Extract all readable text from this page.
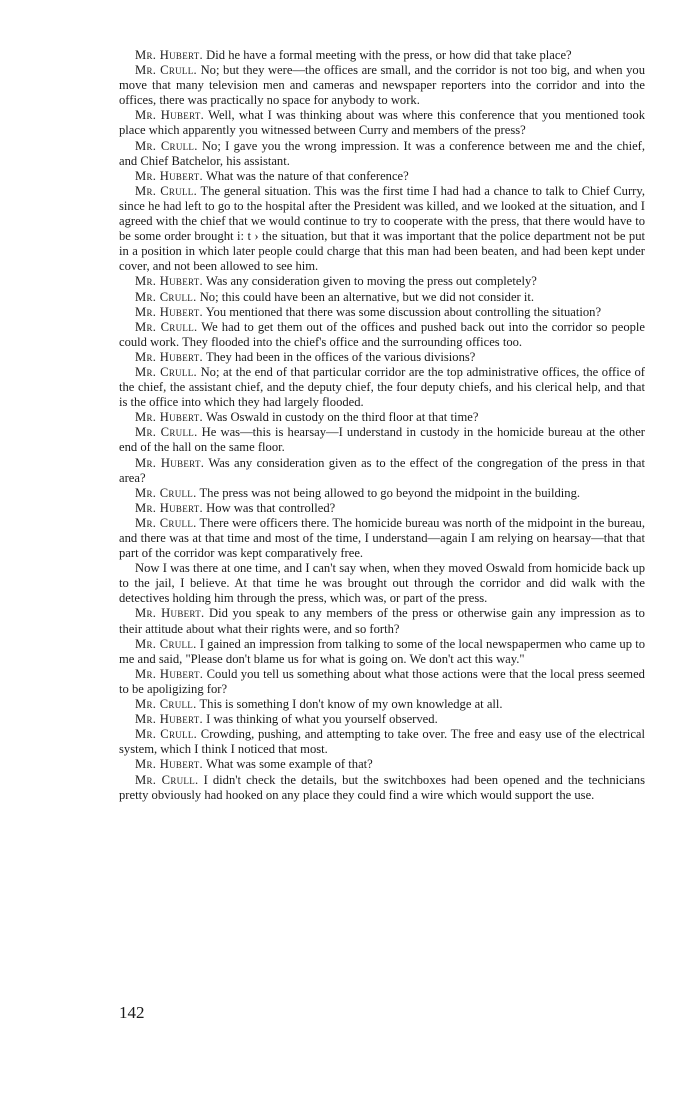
Mr. Hubert. Did he have a formal meeting with the press, or how did that take place?

Mr. Crull. No; but they were—the offices are small, and the corridor is not too big, and when you move that many television men and cameras and newspaper reporters into the corridor and into the offices, there was practically no space for anybody to work.

Mr. Hubert. Well, what I was thinking about was where this conference that you mentioned took place which apparently you witnessed between Curry and members of the press?

Mr. Crull. No; I gave you the wrong impression. It was a conference between me and the chief, and Chief Batchelor, his assistant.

Mr. Hubert. What was the nature of that conference?

Mr. Crull. The general situation. This was the first time I had had a chance to talk to Chief Curry, since he had left to go to the hospital after the President was killed, and we looked at the situation, and I agreed with the chief that we would continue to try to cooperate with the press, that there would have to be some order brought i: t › the situation, but that it was important that the police department not be put in a position in which later people could charge that this man had been beaten, and had been kept under cover, and not been allowed to see him.

Mr. Hubert. Was any consideration given to moving the press out completely?

Mr. Crull. No; this could have been an alternative, but we did not consider it.

Mr. Hubert. You mentioned that there was some discussion about controlling the situation?

Mr. Crull. We had to get them out of the offices and pushed back out into the corridor so people could work. They flooded into the chief's office and the surrounding offices too.

Mr. Hubert. They had been in the offices of the various divisions?

Mr. Crull. No; at the end of that particular corridor are the top administrative offices, the office of the chief, the assistant chief, and the deputy chief, the four deputy chiefs, and his clerical help, and that is the office into which they had largely flooded.

Mr. Hubert. Was Oswald in custody on the third floor at that time?

Mr. Crull. He was—this is hearsay—I understand in custody in the homicide bureau at the other end of the hall on the same floor.

Mr. Hubert. Was any consideration given as to the effect of the congregation of the press in that area?

Mr. Crull. The press was not being allowed to go beyond the midpoint in the building.

Mr. Hubert. How was that controlled?

Mr. Crull. There were officers there. The homicide bureau was north of the midpoint in the bureau, and there was at that time and most of the time, I understand—again I am relying on hearsay—that that part of the corridor was kept comparatively free.

Now I was there at one time, and I can't say when, when they moved Oswald from homicide back up to the jail, I believe. At that time he was brought out through the corridor and did walk with the detectives holding him through the press, which was, or part of the press.

Mr. Hubert. Did you speak to any members of the press or otherwise gain any impression as to their attitude about what their rights were, and so forth?

Mr. Crull. I gained an impression from talking to some of the local newspapermen who came up to me and said, "Please don't blame us for what is going on. We don't act this way."

Mr. Hubert. Could you tell us something about what those actions were that the local press seemed to be apoligizing for?

Mr. Crull. This is something I don't know of my own knowledge at all.

Mr. Hubert. I was thinking of what you yourself observed.

Mr. Crull. Crowding, pushing, and attempting to take over. The free and easy use of the electrical system, which I think I noticed that most.

Mr. Hubert. What was some example of that?

Mr. Crull. I didn't check the details, but the switchboxes had been opened and the technicians pretty obviously had hooked on any place they could find a wire which would support the use.

142
